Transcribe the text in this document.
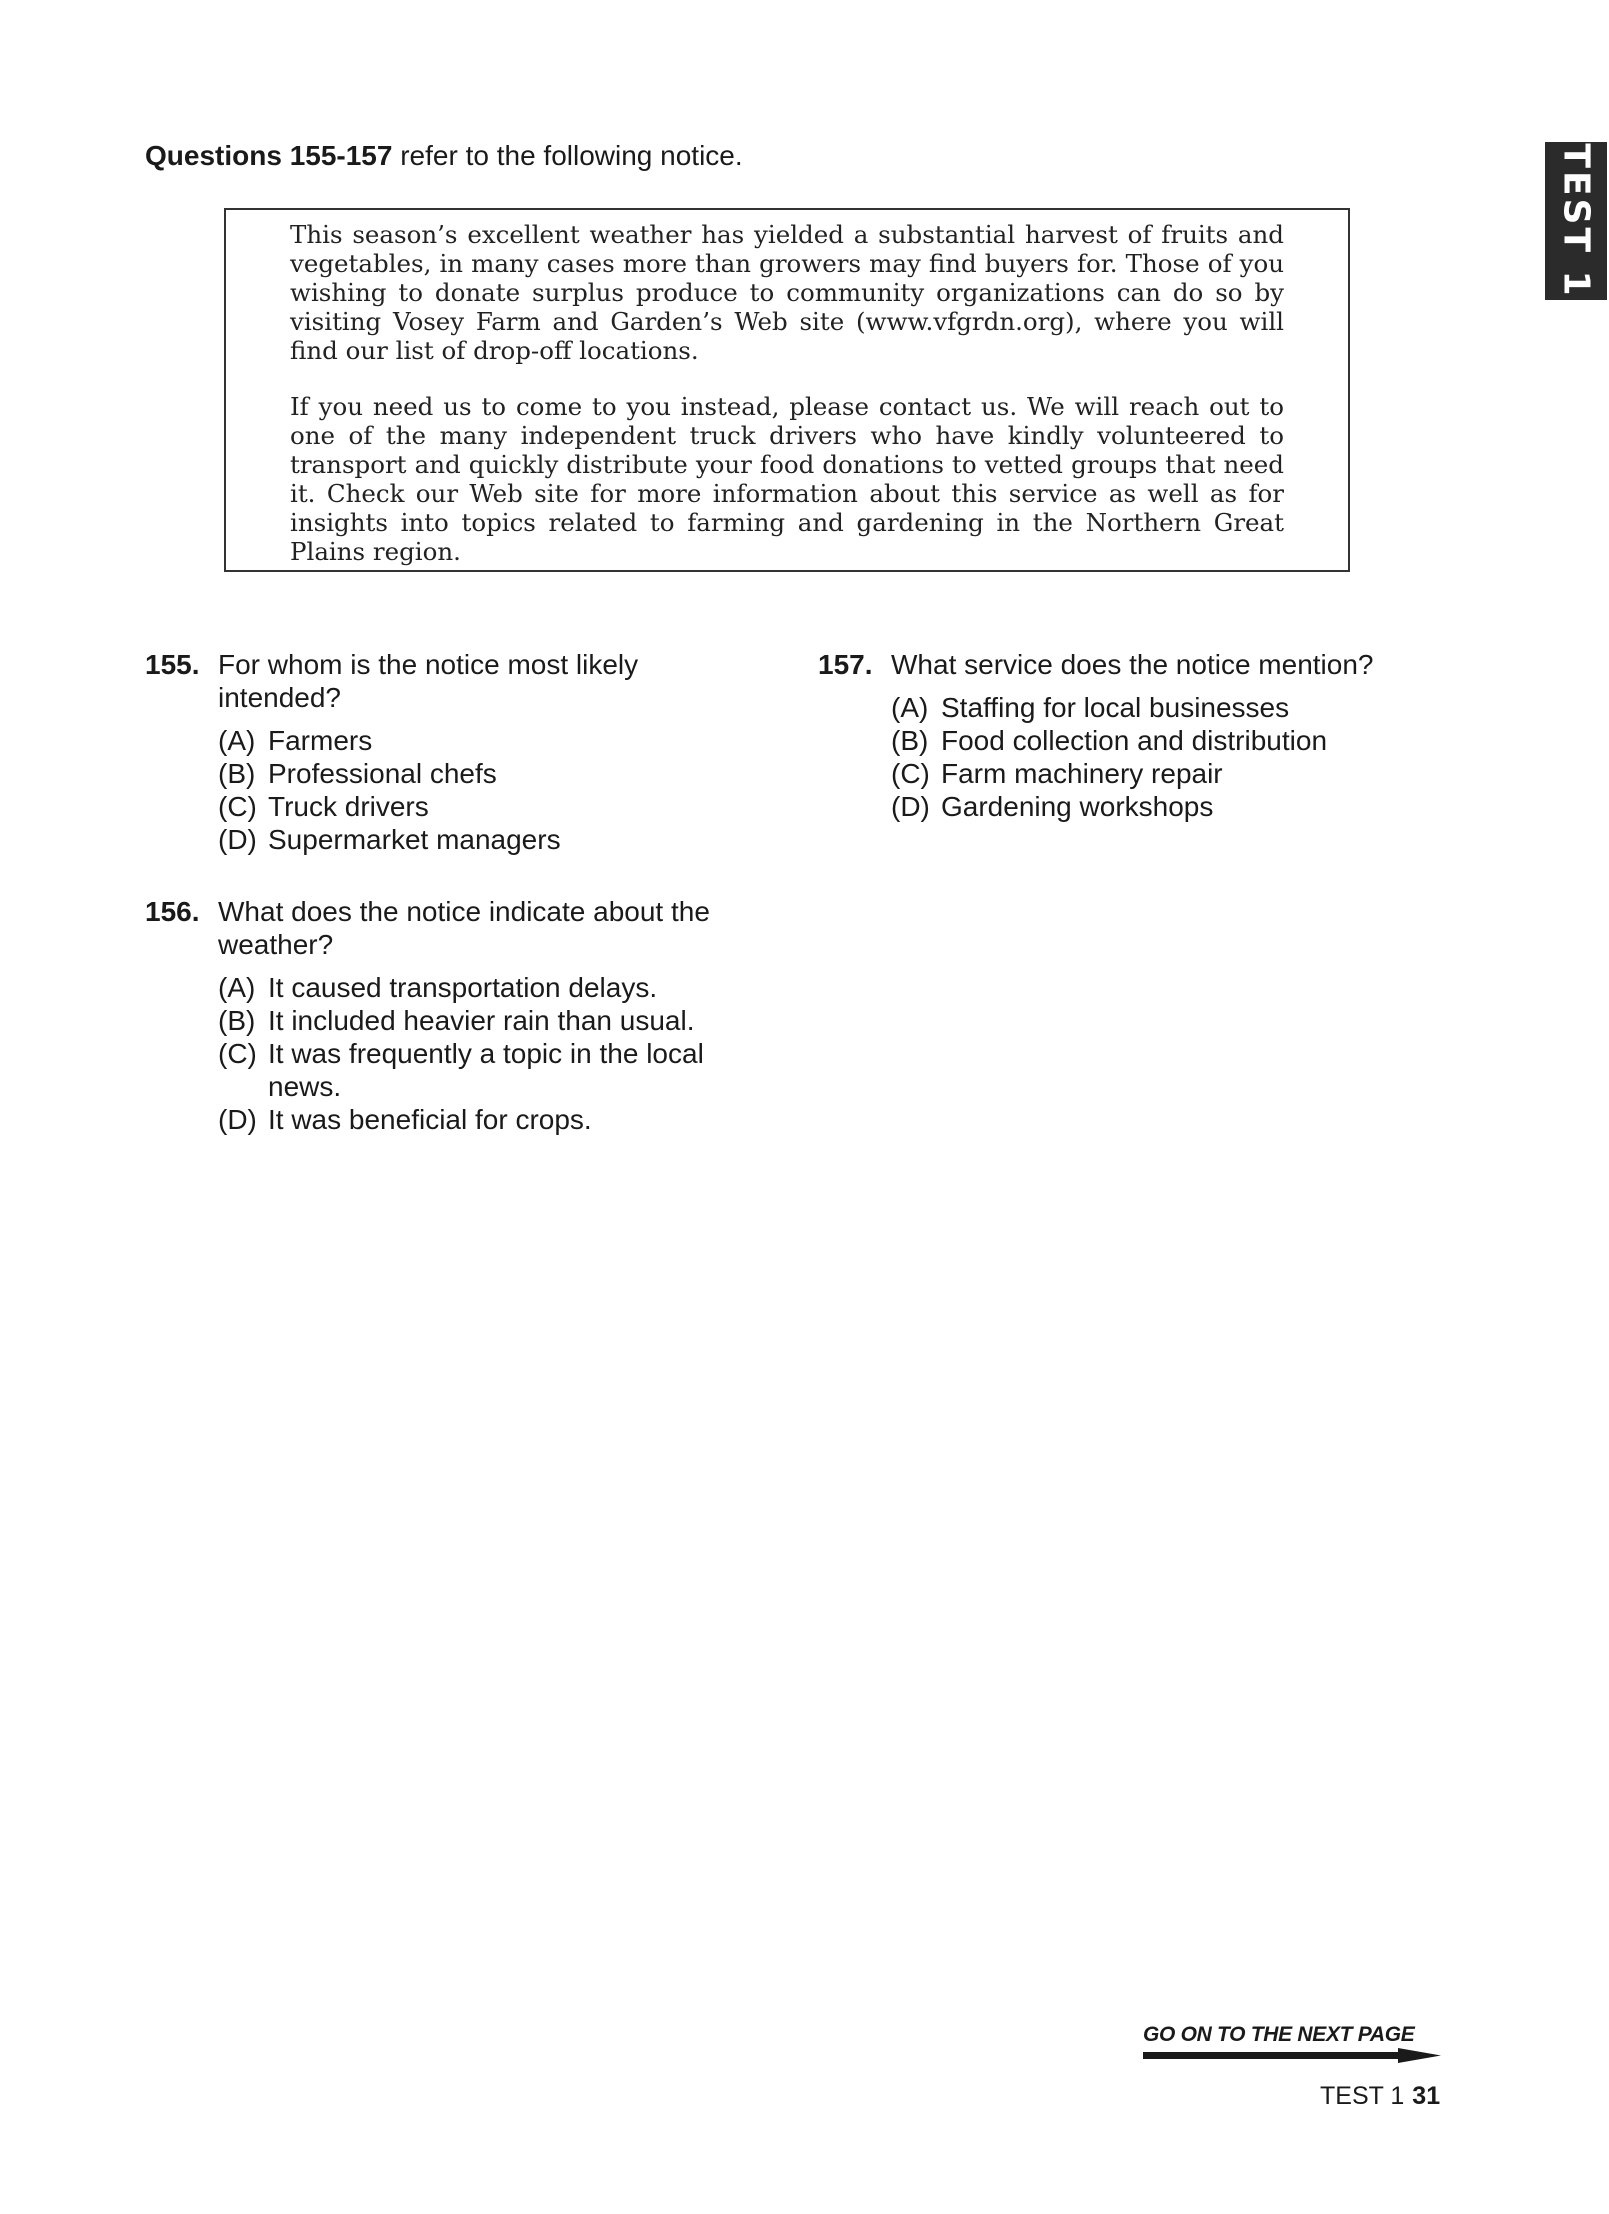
Questions 155-157 refer to the following notice.	TEST 1

This season’s excellent weather has yielded a substantial harvest of fruits and vegetables, in many cases more than growers may find buyers for. Those of you wishing to donate surplus produce to community organizations can do so by visiting Vosey Farm and Garden’s Web site (www.vfgrdn.org), where you will find our list of drop-off locations.

If you need us to come to you instead, please contact us. We will reach out to one of the many independent truck drivers who have kindly volunteered to transport and quickly distribute your food donations to vetted groups that need it. Check our Web site for more information about this service as well as for insights into topics related to farming and gardening in the Northern Great Plains region.

155. For whom is the notice most likely intended?
(A) Farmers
(B) Professional chefs
(C) Truck drivers
(D) Supermarket managers
156. What does the notice indicate about the weather?
(A) It caused transportation delays.
(B) It included heavier rain than usual.
(C) It was frequently a topic in the local news.
(D) It was beneficial for crops.
157. What service does the notice mention?
(A) Staffing for local businesses
(B) Food collection and distribution
(C) Farm machinery repair
(D) Gardening workshops
GO ON TO THE NEXT PAGE
TEST 1 31
